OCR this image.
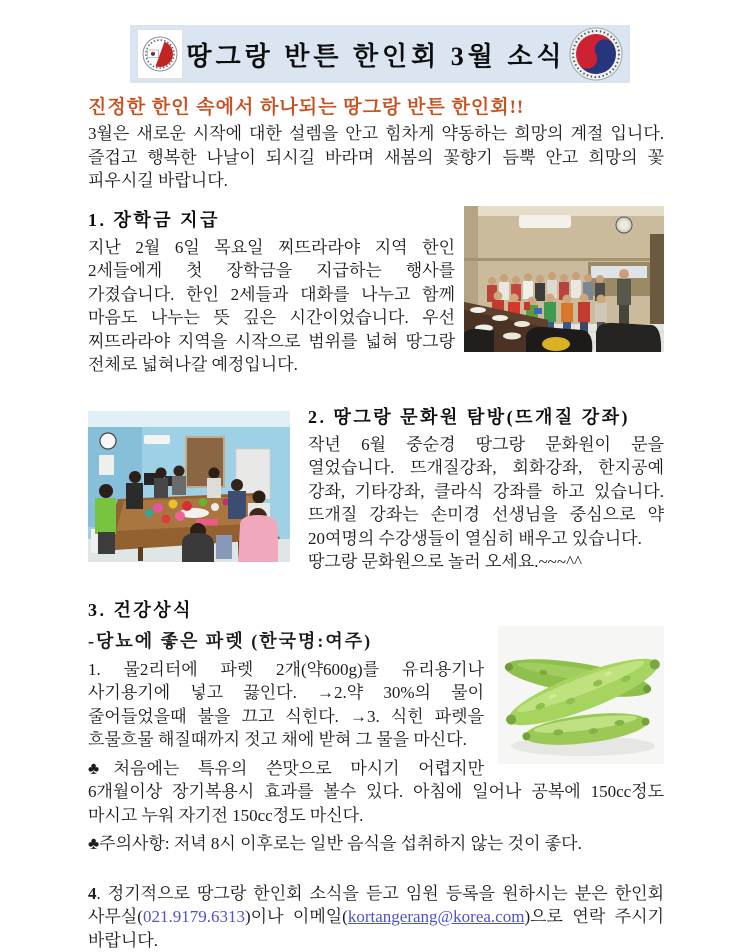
땅그랑 반튼 한인회 3월 소식
진정한 한인 속에서 하나되는 땅그랑 반튼 한인회!!
3월은 새로운 시작에 대한 설렘을 안고 힘차게 약동하는 희망의 계절 입니다. 즐겁고 행복한 나날이 되시길 바라며 새봄의 꽃향기 듬뿍 안고 희망의 꽃 피우시길 바랍니다.
1. 장학금 지급
지난 2월 6일 목요일 찌뜨라라야 지역 한인 2세들에게 첫 장학금을 지급하는 행사를 가졌습니다. 한인 2세들과 대화를 나누고 함께 마음도 나누는 뜻 깊은 시간이었습니다. 우선 찌뜨라라야 지역을 시작으로 범위를 넓혀 땅그랑 전체로 넓혀나갈 예정입니다.
2. 땅그랑 문화원 탐방(뜨개질 강좌)
작년 6월 중순경 땅그랑 문화원이 문을 열었습니다. 뜨개질강좌, 회화강좌, 한지공예 강좌, 기타강좌, 클라식 강좌를 하고 있습니다. 뜨개질 강좌는 손미경 선생님을 중심으로 약 20여명의 수강생들이 열심히 배우고 있습니다.
땅그랑 문화원으로 놀러 오세요.~~~^^
3. 건강상식
-당뇨에 좋은 파렛 (한국명:여주)
1. 물2리터에 파렛 2개(약600g)를 유리용기나 사기용기에 넣고 끓인다. →2.약 30%의 물이 줄어들었을때 불을 끄고 식힌다. →3. 식힌 파렛을 흐물흐물 해질때까지 젓고 채에 받혀 그 물을 마신다.
♣처음에는 특유의 쓴맛으로 마시기 어렵지만 6개월이상 장기복용시 효과를 볼수 있다. 아침에 일어나 공복에 150cc정도 마시고 누워 자기전 150cc정도 마신다.
♣주의사항: 저녁 8시 이후로는 일반 음식을 섭취하지 않는 것이 좋다.
4. 정기적으로 땅그랑 한인회 소식을 듣고 임원 등록을 원하시는 분은 한인회 사무실(021.9179.6313)이나 이메일(kortangerang@korea.com)으로 연락 주시기 바랍니다.
